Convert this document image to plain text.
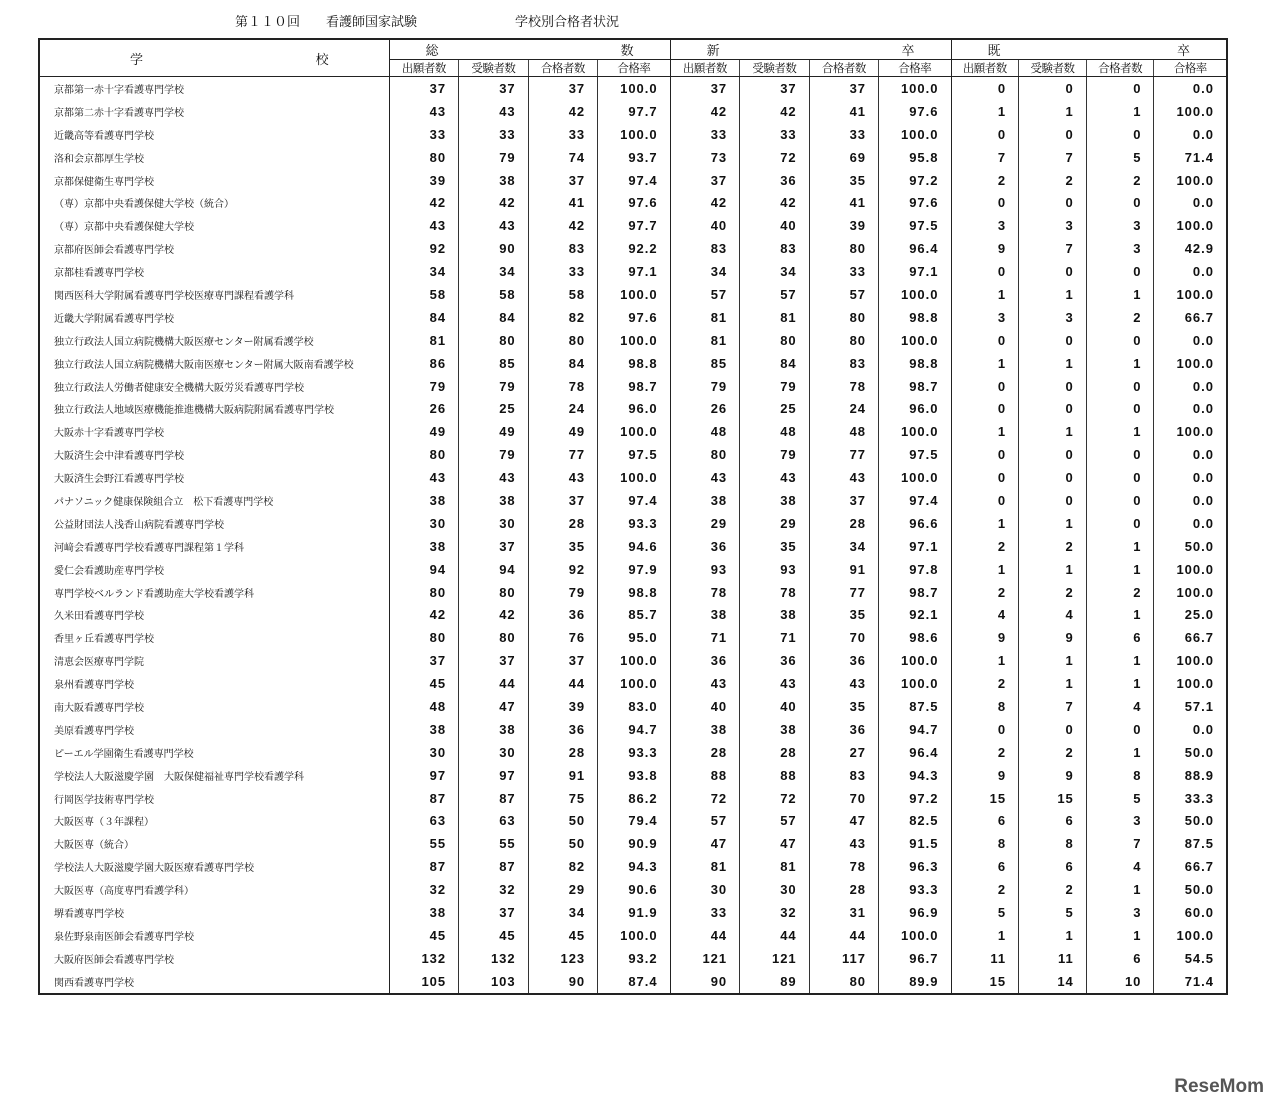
第１１０回　　看護師国家試験	学校別合格者状況
学 校	総 数				新 卒				既 卒			

	出願者数	受験者数	合格者数	合格率	出願者数	受験者数	合格者数	合格率	出願者数	受験者数	合格者数	合格率
京都第一赤十字看護専門学校	37	37	37	100.0	37	37	37	100.0	0	0	0	0.0
京都第二赤十字看護専門学校	43	43	42	97.7	42	42	41	97.6	1	1	1	100.0
近畿高等看護専門学校	33	33	33	100.0	33	33	33	100.0	0	0	0	0.0
洛和会京都厚生学校	80	79	74	93.7	73	72	69	95.8	7	7	5	71.4
京都保健衛生専門学校	39	38	37	97.4	37	36	35	97.2	2	2	2	100.0
（専）京都中央看護保健大学校（統合）	42	42	41	97.6	42	42	41	97.6	0	0	0	0.0
（専）京都中央看護保健大学校	43	43	42	97.7	40	40	39	97.5	3	3	3	100.0
京都府医師会看護専門学校	92	90	83	92.2	83	83	80	96.4	9	7	3	42.9
京都桂看護専門学校	34	34	33	97.1	34	34	33	97.1	0	0	0	0.0
関西医科大学附属看護専門学校医療専門課程看護学科	58	58	58	100.0	57	57	57	100.0	1	1	1	100.0
近畿大学附属看護専門学校	84	84	82	97.6	81	81	80	98.8	3	3	2	66.7
独立行政法人国立病院機構大阪医療センター附属看護学校	81	80	80	100.0	81	80	80	100.0	0	0	0	0.0
独立行政法人国立病院機構大阪南医療センター附属大阪南看護学校	86	85	84	98.8	85	84	83	98.8	1	1	1	100.0
独立行政法人労働者健康安全機構大阪労災看護専門学校	79	79	78	98.7	79	79	78	98.7	0	0	0	0.0
独立行政法人地域医療機能推進機構大阪病院附属看護専門学校	26	25	24	96.0	26	25	24	96.0	0	0	0	0.0
大阪赤十字看護専門学校	49	49	49	100.0	48	48	48	100.0	1	1	1	100.0
大阪済生会中津看護専門学校	80	79	77	97.5	80	79	77	97.5	0	0	0	0.0
大阪済生会野江看護専門学校	43	43	43	100.0	43	43	43	100.0	0	0	0	0.0
パナソニック健康保険組合立　松下看護専門学校	38	38	37	97.4	38	38	37	97.4	0	0	0	0.0
公益財団法人浅香山病院看護専門学校	30	30	28	93.3	29	29	28	96.6	1	1	0	0.0
河﨑会看護専門学校看護専門課程第１学科	38	37	35	94.6	36	35	34	97.1	2	2	1	50.0
愛仁会看護助産専門学校	94	94	92	97.9	93	93	91	97.8	1	1	1	100.0
専門学校ベルランド看護助産大学校看護学科	80	80	79	98.8	78	78	77	98.7	2	2	2	100.0
久米田看護専門学校	42	42	36	85.7	38	38	35	92.1	4	4	1	25.0
香里ヶ丘看護専門学校	80	80	76	95.0	71	71	70	98.6	9	9	6	66.7
清恵会医療専門学院	37	37	37	100.0	36	36	36	100.0	1	1	1	100.0
泉州看護専門学校	45	44	44	100.0	43	43	43	100.0	2	1	1	100.0
南大阪看護専門学校	48	47	39	83.0	40	40	35	87.5	8	7	4	57.1
美原看護専門学校	38	38	36	94.7	38	38	36	94.7	0	0	0	0.0
ピーエル学園衛生看護専門学校	30	30	28	93.3	28	28	27	96.4	2	2	1	50.0
学校法人大阪滋慶学園　大阪保健福祉専門学校看護学科	97	97	91	93.8	88	88	83	94.3	9	9	8	88.9
行岡医学技術専門学校	87	87	75	86.2	72	72	70	97.2	15	15	5	33.3
大阪医専（３年課程）	63	63	50	79.4	57	57	47	82.5	6	6	3	50.0
大阪医専（統合）	55	55	50	90.9	47	47	43	91.5	8	8	7	87.5
学校法人大阪滋慶学園大阪医療看護専門学校	87	87	82	94.3	81	81	78	96.3	6	6	4	66.7
大阪医専（高度専門看護学科）	32	32	29	90.6	30	30	28	93.3	2	2	1	50.0
堺看護専門学校	38	37	34	91.9	33	32	31	96.9	5	5	3	60.0
泉佐野泉南医師会看護専門学校	45	45	45	100.0	44	44	44	100.0	1	1	1	100.0
大阪府医師会看護専門学校	132	132	123	93.2	121	121	117	96.7	11	11	6	54.5
関西看護専門学校	105	103	90	87.4	90	89	80	89.9	15	14	10	71.4
ReseMom
